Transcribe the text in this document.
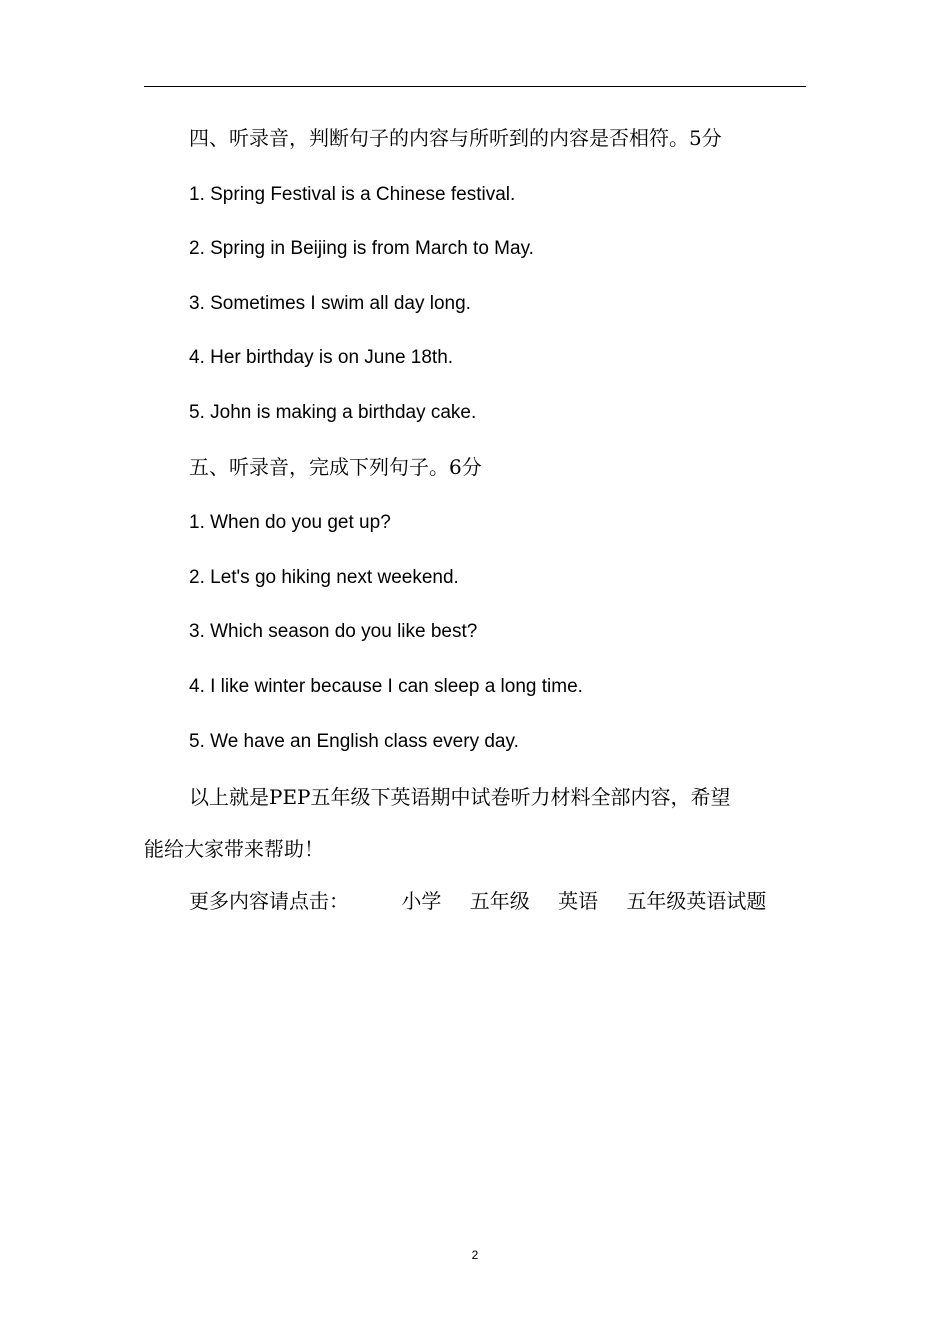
四、听录音，判断句子的内容与所听到的内容是否相符。5分
1. Spring Festival is a Chinese festival.
2. Spring in Beijing is from March to May.
3. Sometimes I swim all day long.
4. Her birthday is on June 18th.
5. John is making a birthday cake.
五、听录音，完成下列句子。6分
1. When do you get up?
2. Let's go hiking next weekend.
3. Which season do you like best?
4. I like winter because I can sleep a long time.
5. We have an English class every day.
以上就是PEP五年级下英语期中试卷听力材料全部内容，希望
能给大家带来帮助！
更多内容请点击：	小学 五年级 英语 五年级英语试题
2
